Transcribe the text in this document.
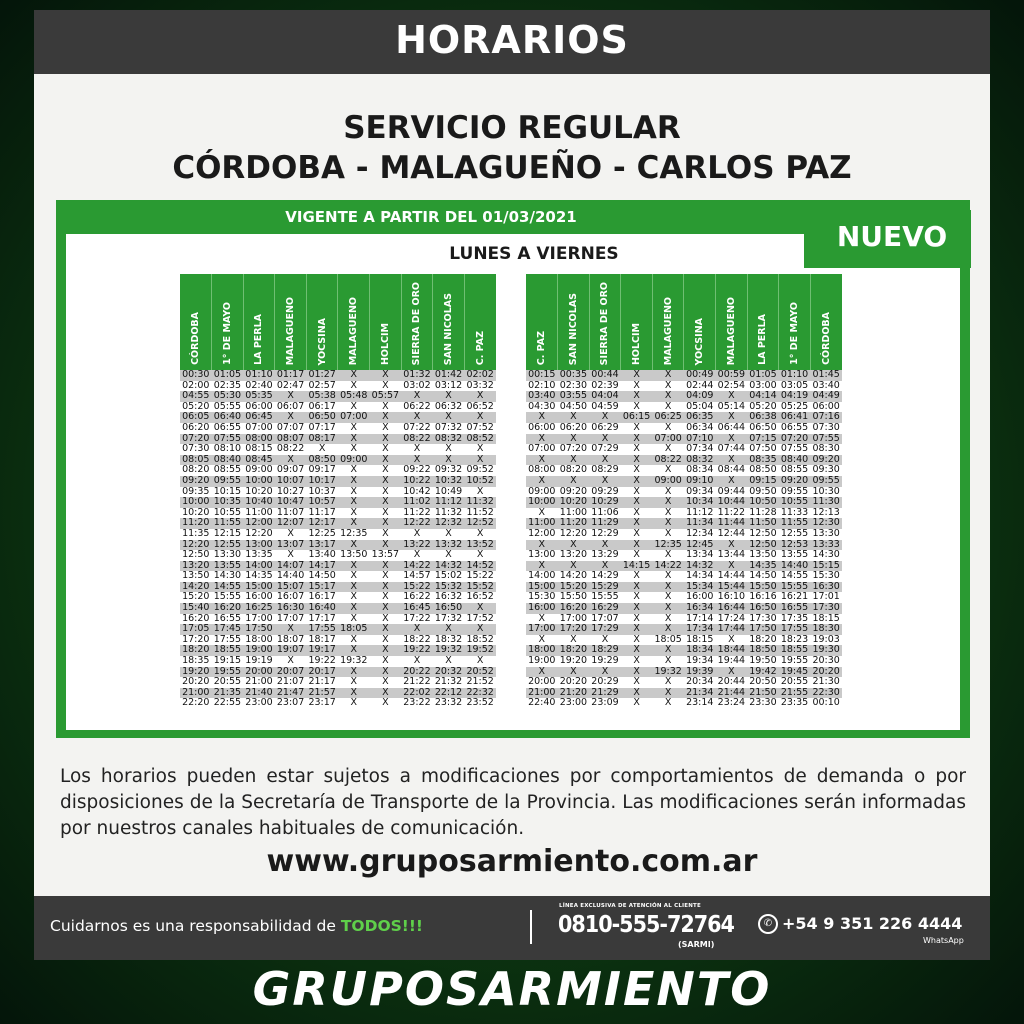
HORARIOS
SERVICIO REGULAR
CÓRDOBA - MALAGUEÑO - CARLOS PAZ
VIGENTE A PARTIR DEL 01/03/2021
NUEVO
LUNES A VIERNES
CÓRDOBA	1° DE MAYO	LA PERLA	MALAGUEÑO	YOCSINA	MALAGUEÑO	HOLCIM	SIERRA DE ORO	SAN NICOLAS	C. PAZ
00:30	01:05	01:10	01:17	01:27	X	X	01:32	01:42	02:02
02:00	02:35	02:40	02:47	02:57	X	X	03:02	03:12	03:32
04:55	05:30	05:35	X	05:38	05:48	05:57	X	X	X
05:20	05:55	06:00	06:07	06:17	X	X	06:22	06:32	06:52
06:05	06:40	06:45	X	06:50	07:00	X	X	X	X
06:20	06:55	07:00	07:07	07:17	X	X	07:22	07:32	07:52
07:20	07:55	08:00	08:07	08:17	X	X	08:22	08:32	08:52
07:30	08:10	08:15	08:22	X	X	X	X	X	X
08:05	08:40	08:45	X	08:50	09:00	X	X	X	X
08:20	08:55	09:00	09:07	09:17	X	X	09:22	09:32	09:52
09:20	09:55	10:00	10:07	10:17	X	X	10:22	10:32	10:52
09:35	10:15	10:20	10:27	10:37	X	X	10:42	10:49	X
10:00	10:35	10:40	10:47	10:57	X	X	11:02	11:12	11:32
10:20	10:55	11:00	11:07	11:17	X	X	11:22	11:32	11:52
11:20	11:55	12:00	12:07	12:17	X	X	12:22	12:32	12:52
11:35	12:15	12:20	X	12:25	12:35	X	X	X	X
12:20	12:55	13:00	13:07	13:17	X	X	13:22	13:32	13:52
12:50	13:30	13:35	X	13:40	13:50	13:57	X	X	X
13:20	13:55	14:00	14:07	14:17	X	X	14:22	14:32	14:52
13:50	14:30	14:35	14:40	14:50	X	X	14:57	15:02	15:22
14:20	14:55	15:00	15:07	15:17	X	X	15:22	15:32	15:52
15:20	15:55	16:00	16:07	16:17	X	X	16:22	16:32	16:52
15:40	16:20	16:25	16:30	16:40	X	X	16:45	16:50	X
16:20	16:55	17:00	17:07	17:17	X	X	17:22	17:32	17:52
17:05	17:45	17:50	X	17:55	18:05	X	X	X	X
17:20	17:55	18:00	18:07	18:17	X	X	18:22	18:32	18:52
18:20	18:55	19:00	19:07	19:17	X	X	19:22	19:32	19:52
18:35	19:15	19:19	X	19:22	19:32	X	X	X	X
19:20	19:55	20:00	20:07	20:17	X	X	20:22	20:32	20:52
20:20	20:55	21:00	21:07	21:17	X	X	21:22	21:32	21:52
21:00	21:35	21:40	21:47	21:57	X	X	22:02	22:12	22:32
22:20	22:55	23:00	23:07	23:17	X	X	23:22	23:32	23:52
C. PAZ	SAN NICOLAS	SIERRA DE ORO	HOLCIM	MALAGUEÑO	YOCSINA	MALAGUEÑO	LA PERLA	1° DE MAYO	CÓRDOBA
00:15	00:35	00:44	X	X	00:49	00:59	01:05	01:10	01:45
02:10	02:30	02:39	X	X	02:44	02:54	03:00	03:05	03:40
03:40	03:55	04:04	X	X	04:09	X	04:14	04:19	04:49
04:30	04:50	04:59	X	X	05:04	05:14	05:20	05:25	06:00
X	X	X	06:15	06:25	06:35	X	06:38	06:41	07:16
06:00	06:20	06:29	X	X	06:34	06:44	06:50	06:55	07:30
X	X	X	X	07:00	07:10	X	07:15	07:20	07:55
07:00	07:20	07:29	X	X	07:34	07:44	07:50	07:55	08:30
X	X	X	X	08:22	08:32	X	08:35	08:40	09:20
08:00	08:20	08:29	X	X	08:34	08:44	08:50	08:55	09:30
X	X	X	X	09:00	09:10	X	09:15	09:20	09:55
09:00	09:20	09:29	X	X	09:34	09:44	09:50	09:55	10:30
10:00	10:20	10:29	X	X	10:34	10:44	10:50	10:55	11:30
X	11:00	11:06	X	X	11:12	11:22	11:28	11:33	12:13
11:00	11:20	11:29	X	X	11:34	11:44	11:50	11:55	12:30
12:00	12:20	12:29	X	X	12:34	12:44	12:50	12:55	13:30
X	X	X	X	12:35	12:45	X	12:50	12:53	13:33
13:00	13:20	13:29	X	X	13:34	13:44	13:50	13:55	14:30
X	X	X	14:15	14:22	14:32	X	14:35	14:40	15:15
14:00	14:20	14:29	X	X	14:34	14:44	14:50	14:55	15:30
15:00	15:20	15:29	X	X	15:34	15:44	15:50	15:55	16:30
15:30	15:50	15:55	X	X	16:00	16:10	16:16	16:21	17:01
16:00	16:20	16:29	X	X	16:34	16:44	16:50	16:55	17:30
X	17:00	17:07	X	X	17:14	17:24	17:30	17:35	18:15
17:00	17:20	17:29	X	X	17:34	17:44	17:50	17:55	18:30
X	X	X	X	18:05	18:15	X	18:20	18:23	19:03
18:00	18:20	18:29	X	X	18:34	18:44	18:50	18:55	19:30
19:00	19:20	19:29	X	X	19:34	19:44	19:50	19:55	20:30
X	X	X	X	19:32	19:39	X	19:42	19:45	20:20
20:00	20:20	20:29	X	X	20:34	20:44	20:50	20:55	21:30
21:00	21:20	21:29	X	X	21:34	21:44	21:50	21:55	22:30
22:40	23:00	23:09	X	X	23:14	23:24	23:30	23:35	00:10
Los horarios pueden estar sujetos a modificaciones por comportamientos de demanda o por disposiciones de la Secretaría de Transporte de la Provincia. Las modificaciones serán informadas por nuestros canales habituales de comunicación.
www.gruposarmiento.com.ar
Cuidarnos es una responsabilidad de TODOS!!!
LÍNEA EXCLUSIVA DE ATENCIÓN AL CLIENTE
0810-555-72764
(SARMI)
✆ +54 9 351 226 4444
WhatsApp
GRUPOSARMIENTO
